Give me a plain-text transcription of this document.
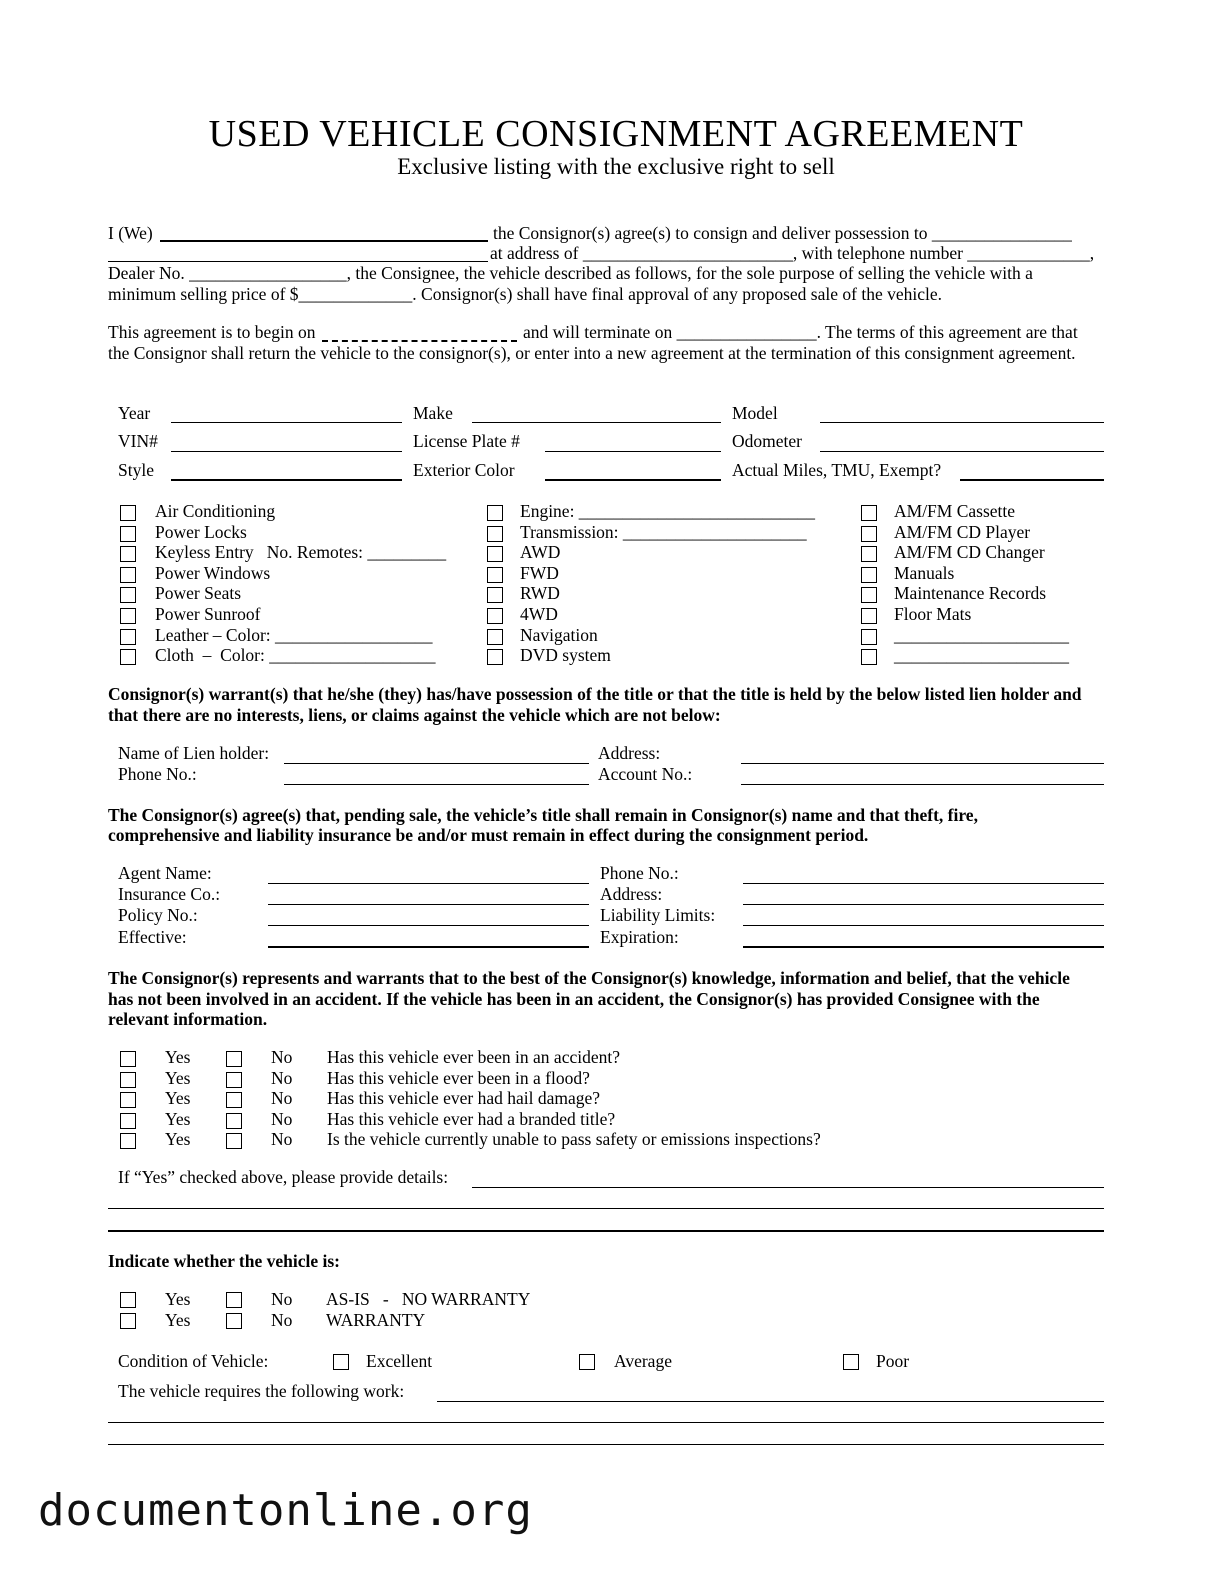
USED VEHICLE CONSIGNMENT AGREEMENT
Exclusive listing with the exclusive right to sell
I (We)	the Consignor(s) agree(s) to consign and deliver possession to ________________
at address of ________________________, with telephone number ______________,
Dealer No. __________________, the Consignee, the vehicle described as follows, for the sole purpose of selling the vehicle with a
minimum selling price of $_____________. Consignor(s) shall have final approval of any proposed sale of the vehicle.
This agreement is to begin on	and will terminate on ________________. The terms of this agreement are that
the Consignor shall return the vehicle to the consignor(s), or enter into a new agreement at the termination of this consignment agreement.
Year	Make	Model
VIN#	License Plate #	Odometer
Style	Exterior Color	Actual Miles, TMU, Exempt?
Air Conditioning
Power Locks
Keyless Entry   No. Remotes: _________
Power Windows
Power Seats
Power Sunroof
Leather – Color: __________________
Cloth  –  Color: ___________________
Engine: ___________________________
Transmission: _____________________
AWD
FWD
RWD
4WD
Navigation
DVD system
AM/FM Cassette
AM/FM CD Player
AM/FM CD Changer
Manuals
Maintenance Records
Floor Mats
____________________
____________________
Consignor(s) warrant(s) that he/she (they) has/have possession of the title or that the title is held by the below listed lien holder and
that there are no interests, liens, or claims against the vehicle which are not below:
Name of Lien holder:	Address:
Phone No.:	Account No.:
The Consignor(s) agree(s) that, pending sale, the vehicle’s title shall remain in Consignor(s) name and that theft, fire,
comprehensive and liability insurance be and/or must remain in effect during the consignment period.
Agent Name:	Phone No.:
Insurance Co.:	Address:
Policy No.:	Liability Limits:
Effective:	Expiration:
The Consignor(s) represents and warrants that to the best of the Consignor(s) knowledge, information and belief, that the vehicle
has not been involved in an accident. If the vehicle has been in an accident, the Consignor(s) has provided Consignee with the
relevant information.
Yes	No Has this vehicle ever been in an accident?
Yes	No Has this vehicle ever been in a flood?
Yes	No Has this vehicle ever had hail damage?
Yes	No Has this vehicle ever had a branded title?
Yes	No Is the vehicle currently unable to pass safety or emissions inspections?
If “Yes” checked above, please provide details:
Indicate whether the vehicle is:
Yes	No AS-IS   -   NO WARRANTY
Yes	No WARRANTY
Condition of Vehicle:	Excellent	Average	Poor
The vehicle requires the following work:
documentonline.org
